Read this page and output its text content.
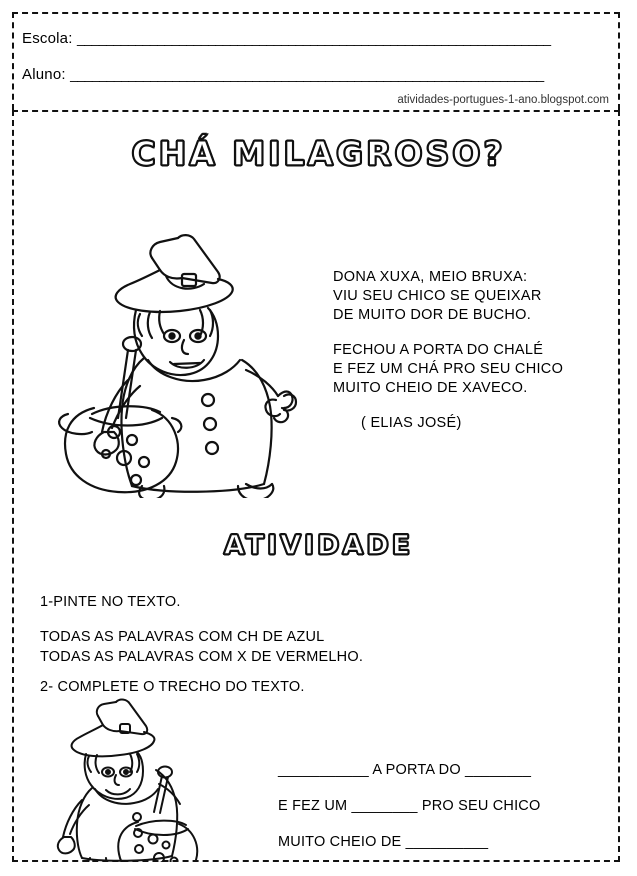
Escola: _________________________________________________________________
Aluno: _________________________________________________________________
atividades-portugues-1-ano.blogspot.com
CHÁ MILAGROSO?

DONA XUXA, MEIO BRUXA:
VIU SEU CHICO SE QUEIXAR
DE MUITO DOR DE BUCHO.

FECHOU A PORTA DO CHALÉ
E FEZ UM CHÁ PRO SEU CHICO
MUITO CHEIO DE XAVECO.

( ELIAS JOSÉ)
ATIVIDADE
1-PINTE NO TEXTO.
TODAS AS PALAVRAS COM CH DE AZUL
TODAS AS PALAVRAS COM X DE VERMELHO.
2- COMPLETE O TRECHO DO TEXTO.
___________ A PORTA DO ________
E FEZ UM ________ PRO SEU CHICO
MUITO CHEIO DE __________
